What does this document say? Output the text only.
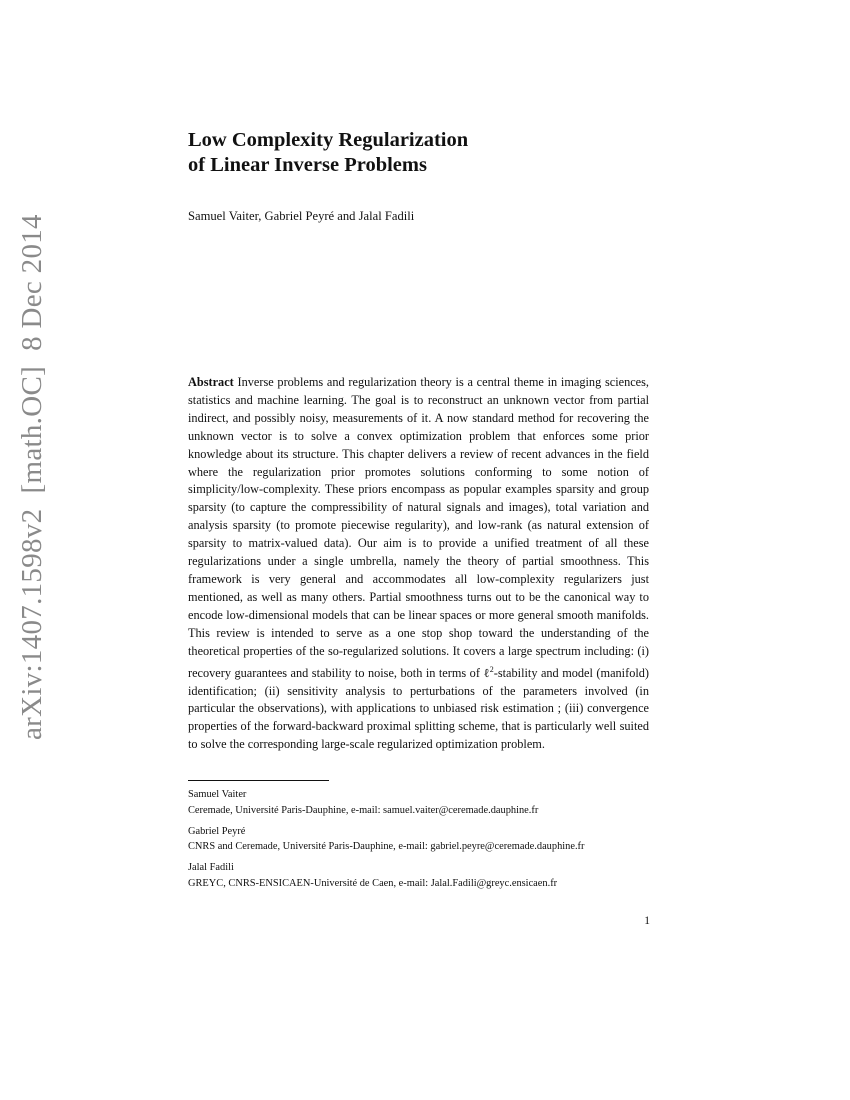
arXiv:1407.1598v2  [math.OC]  8 Dec 2014
Low Complexity Regularization
of Linear Inverse Problems
Samuel Vaiter, Gabriel Peyré and Jalal Fadili
Abstract Inverse problems and regularization theory is a central theme in imaging sciences, statistics and machine learning. The goal is to reconstruct an unknown vector from partial indirect, and possibly noisy, measurements of it. A now standard method for recovering the unknown vector is to solve a convex optimization problem that enforces some prior knowledge about its structure. This chapter delivers a review of recent advances in the field where the regularization prior promotes solutions conforming to some notion of simplicity/low-complexity. These priors encompass as popular examples sparsity and group sparsity (to capture the compressibility of natural signals and images), total variation and analysis sparsity (to promote piecewise regularity), and low-rank (as natural extension of sparsity to matrix-valued data). Our aim is to provide a unified treatment of all these regularizations under a single umbrella, namely the theory of partial smoothness. This framework is very general and accommodates all low-complexity regularizers just mentioned, as well as many others. Partial smoothness turns out to be the canonical way to encode low-dimensional models that can be linear spaces or more general smooth manifolds. This review is intended to serve as a one stop shop toward the understanding of the theoretical properties of the so-regularized solutions. It covers a large spectrum including: (i) recovery guarantees and stability to noise, both in terms of ℓ$^2$-stability and model (manifold) identification; (ii) sensitivity analysis to perturbations of the parameters involved (in particular the observations), with applications to unbiased risk estimation ; (iii) convergence properties of the forward-backward proximal splitting scheme, that is particularly well suited to solve the corresponding large-scale regularized optimization problem.
Samuel Vaiter
Ceremade, Université Paris-Dauphine, e-mail: samuel.vaiter@ceremade.dauphine.fr
Gabriel Peyré
CNRS and Ceremade, Université Paris-Dauphine, e-mail: gabriel.peyre@ceremade.dauphine.fr
Jalal Fadili
GREYC, CNRS-ENSICAEN-Université de Caen, e-mail: Jalal.Fadili@greyc.ensicaen.fr
1
